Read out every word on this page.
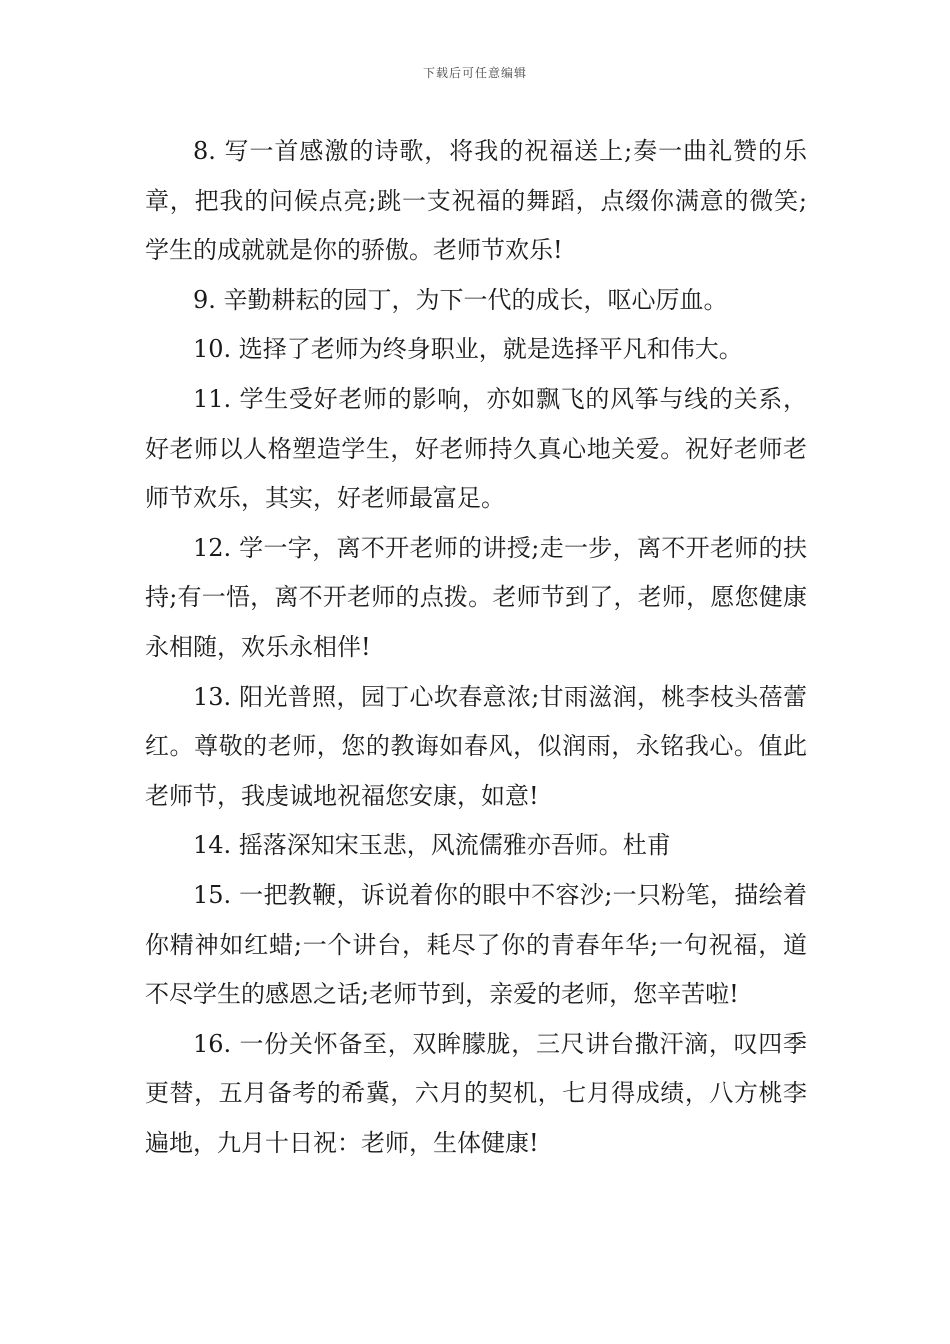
下载后可任意编辑

8. 写一首感激的诗歌，将我的祝福送上;奏一曲礼赞的乐章，把我的问候点亮;跳一支祝福的舞蹈，点缀你满意的微笑;学生的成就就是你的骄傲。老师节欢乐!

9. 辛勤耕耘的园丁，为下一代的成长，呕心厉血。

10. 选择了老师为终身职业，就是选择平凡和伟大。

11. 学生受好老师的影响，亦如飘飞的风筝与线的关系，好老师以人格塑造学生，好老师持久真心地关爱。祝好老师老师节欢乐，其实，好老师最富足。

12. 学一字，离不开老师的讲授;走一步，离不开老师的扶持;有一悟，离不开老师的点拨。老师节到了，老师，愿您健康永相随，欢乐永相伴!

13. 阳光普照，园丁心坎春意浓;甘雨滋润，桃李枝头蓓蕾红。尊敬的老师，您的教诲如春风，似润雨，永铭我心。值此老师节，我虔诚地祝福您安康，如意!

14. 摇落深知宋玉悲，风流儒雅亦吾师。杜甫

15. 一把教鞭，诉说着你的眼中不容沙;一只粉笔，描绘着你精神如红蜡;一个讲台，耗尽了你的青春年华;一句祝福，道不尽学生的感恩之话;老师节到，亲爱的老师，您辛苦啦!

16. 一份关怀备至，双眸朦胧，三尺讲台撒汗滴，叹四季更替，五月备考的希冀，六月的契机，七月得成绩，八方桃李遍地，九月十日祝：老师，生体健康!
